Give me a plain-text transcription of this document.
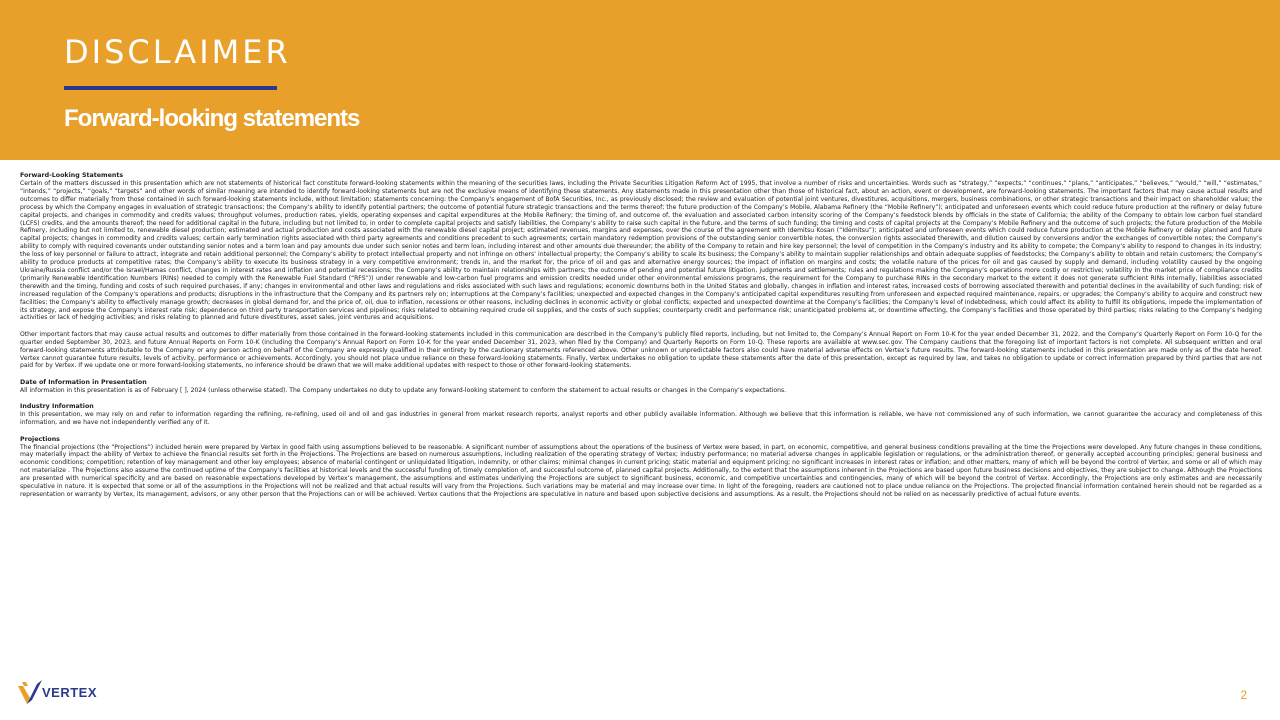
DISCLAIMER
Forward-looking statements
Forward-Looking Statements

Certain of the matters discussed in this presentation which are not statements of historical fact constitute forward-looking statements within the meaning of the securities laws, including the Private Securities Litigation Reform Act of 1995, that involve a number of risks and uncertainties. Words such as “strategy,” “expects,” “continues,” “plans,” “anticipates,” “believes,” “would,” “will,” “estimates,” “intends,” “projects,” “goals,” “targets” and other words of similar meaning are intended to identify forward-looking statements but are not the exclusive means of identifying these statements. Any statements made in this presentation other than those of historical fact, about an action, event or development, are forward-looking statements. The important factors that may cause actual results and outcomes to differ materially from those contained in such forward-looking statements include, without limitation; statements concerning: the Company’s engagement of BofA Securities, Inc., as previously disclosed; the review and evaluation of potential joint ventures, divestitures, acquisitions, mergers, business combinations, or other strategic transactions and their impact on shareholder value; the process by which the Company engages in evaluation of strategic transactions; the Company’s ability to identify potential partners; the outcome of potential future strategic transactions and the terms thereof; the future production of the Company’s Mobile, Alabama Refinery (the “Mobile Refinery”); anticipated and unforeseen events which could reduce future production at the refinery or delay future capital projects, and changes in commodity and credits values; throughput volumes, production rates, yields, operating expenses and capital expenditures at the Mobile Refinery; the timing of, and outcome of, the evaluation and associated carbon intensity scoring of the Company’s feedstock blends by officials in the state of California; the ability of the Company to obtain low carbon fuel standard (LCFS) credits, and the amounts thereof; the need for additional capital in the future, including but not limited to, in order to complete capital projects and satisfy liabilities, the Company’s ability to raise such capital in the future, and the terms of such funding; the timing and costs of capital projects at the Company’s Mobile Refinery and the outcome of such projects; the future production of the Mobile Refinery, including but not limited to, renewable diesel production; estimated and actual production and costs associated with the renewable diesel capital project; estimated revenues, margins and expenses, over the course of the agreement with Idemitsu Kosan (“Idemitsu”); anticipated and unforeseen events which could reduce future production at the Mobile Refinery or delay planned and future capital projects; changes in commodity and credits values; certain early termination rights associated with third party agreements and conditions precedent to such agreements; certain mandatory redemption provisions of the outstanding senior convertible notes, the conversion rights associated therewith, and dilution caused by conversions and/or the exchanges of convertible notes; the Company’s ability to comply with required covenants under outstanding senior notes and a term loan and pay amounts due under such senior notes and term loan, including interest and other amounts due thereunder; the ability of the Company to retain and hire key personnel; the level of competition in the Company’s industry and its ability to compete; the Company’s ability to respond to changes in its industry; the loss of key personnel or failure to attract, integrate and retain additional personnel; the Company’s ability to protect intellectual property and not infringe on others’ intellectual property; the Company’s ability to scale its business; the Company’s ability to maintain supplier relationships and obtain adequate supplies of feedstocks; the Company’s ability to obtain and retain customers; the Company’s ability to produce products at competitive rates; the Company’s ability to execute its business strategy in a very competitive environment; trends in, and the market for, the price of oil and gas and alternative energy sources; the impact of inflation on margins and costs; the volatile nature of the prices for oil and gas caused by supply and demand, including volatility caused by the ongoing Ukraine/Russia conflict and/or the Israel/Hamas conflict, changes in interest rates and inflation and potential recessions; the Company’s ability to maintain relationships with partners; the outcome of pending and potential future litigation, judgments and settlements; rules and regulations making the Company’s operations more costly or restrictive; volatility in the market price of compliance credits (primarily Renewable Identification Numbers (RINs) needed to comply with the Renewable Fuel Standard (“RFS”)) under renewable and low-carbon fuel programs and emission credits needed under other environmental emissions programs, the requirement for the Company to purchase RINs in the secondary market to the extent it does not generate sufficient RINs internally, liabilities associated therewith and the timing, funding and costs of such required purchases, if any; changes in environmental and other laws and regulations and risks associated with such laws and regulations; economic downturns both in the United States and globally, changes in inflation and interest rates, increased costs of borrowing associated therewith and potential declines in the availability of such funding; risk of increased regulation of the Company’s operations and products; disruptions in the infrastructure that the Company and its partners rely on; interruptions at the Company’s facilities; unexpected and expected changes in the Company’s anticipated capital expenditures resulting from unforeseen and expected required maintenance, repairs, or upgrades; the Company’s ability to acquire and construct new facilities; the Company’s ability to effectively manage growth; decreases in global demand for, and the price of, oil, due to inflation, recessions or other reasons, including declines in economic activity or global conflicts; expected and unexpected downtime at the Company’s facilities; the Company’s level of indebtedness, which could affect its ability to fulfill its obligations, impede the implementation of its strategy, and expose the Company’s interest rate risk; dependence on third party transportation services and pipelines; risks related to obtaining required crude oil supplies, and the costs of such supplies; counterparty credit and performance risk; unanticipated problems at, or downtime effecting, the Company’s facilities and those operated by third parties; risks relating to the Company’s hedging activities or lack of hedging activities; and risks relating to planned and future divestitures, asset sales, joint ventures and acquisitions.

Other important factors that may cause actual results and outcomes to differ materially from those contained in the forward-looking statements included in this communication are described in the Company’s publicly filed reports, including, but not limited to, the Company’s Annual Report on Form 10-K for the year ended December 31, 2022, and the Company’s Quarterly Report on Form 10-Q for the quarter ended September 30, 2023, and future Annual Reports on Form 10-K (including the Company’s Annual Report on Form 10-K for the year ended December 31, 2023, when filed by the Company) and Quarterly Reports on Form 10-Q. These reports are available at www.sec.gov. The Company cautions that the foregoing list of important factors is not complete. All subsequent written and oral forward-looking statements attributable to the Company or any person acting on behalf of the Company are expressly qualified in their entirety by the cautionary statements referenced above. Other unknown or unpredictable factors also could have material adverse effects on Vertex’s future results. The forward-looking statements included in this presentation are made only as of the date hereof. Vertex cannot guarantee future results, levels of activity, performance or achievements. Accordingly, you should not place undue reliance on these forward-looking statements. Finally, Vertex undertakes no obligation to update these statements after the date of this presentation, except as required by law, and takes no obligation to update or correct information prepared by third parties that are not paid for by Vertex. If we update one or more forward-looking statements, no inference should be drawn that we will make additional updates with respect to those or other forward-looking statements.

Date of Information in Presentation

All information in this presentation is as of February [ ], 2024 (unless otherwise stated). The Company undertakes no duty to update any forward-looking statement to conform the statement to actual results or changes in the Company’s expectations.

Industry Information

In this presentation, we may rely on and refer to information regarding the refining, re-refining, used oil and oil and gas industries in general from market research reports, analyst reports and other publicly available information. Although we believe that this information is reliable, we have not commissioned any of such information, we cannot guarantee the accuracy and completeness of this information, and we have not independently verified any of it.

Projections

The financial projections (the “Projections”) included herein were prepared by Vertex in good faith using assumptions believed to be reasonable. A significant number of assumptions about the operations of the business of Vertex were based, in part, on economic, competitive, and general business conditions prevailing at the time the Projections were developed. Any future changes in these conditions, may materially impact the ability of Vertex to achieve the financial results set forth in the Projections. The Projections are based on numerous assumptions, including realization of the operating strategy of Vertex; industry performance; no material adverse changes in applicable legislation or regulations, or the administration thereof, or generally accepted accounting principles; general business and economic conditions; competition; retention of key management and other key employees; absence of material contingent or unliquidated litigation, indemnity, or other claims; minimal changes in current pricing; static material and equipment pricing; no significant increases in interest rates or inflation; and other matters, many of which will be beyond the control of Vertex, and some or all of which may not materialize . The Projections also assume the continued uptime of the Company’s facilities at historical levels and the successful funding of, timely completion of, and successful outcome of, planned capital projects. Additionally, to the extent that the assumptions inherent in the Projections are based upon future business decisions and objectives, they are subject to change. Although the Projections are presented with numerical specificity and are based on reasonable expectations developed by Vertex’s management, the assumptions and estimates underlying the Projections are subject to significant business, economic, and competitive uncertainties and contingencies, many of which will be beyond the control of Vertex. Accordingly, the Projections are only estimates and are necessarily speculative in nature. It is expected that some or all of the assumptions in the Projections will not be realized and that actual results will vary from the Projections. Such variations may be material and may increase over time. In light of the foregoing, readers are cautioned not to place undue reliance on the Projections. The projected financial information contained herein should not be regarded as a representation or warranty by Vertex, its management, advisors, or any other person that the Projections can or will be achieved. Vertex cautions that the Projections are speculative in nature and based upon subjective decisions and assumptions. As a result, the Projections should not be relied on as necessarily predictive of actual future events.

VERTEX	2
